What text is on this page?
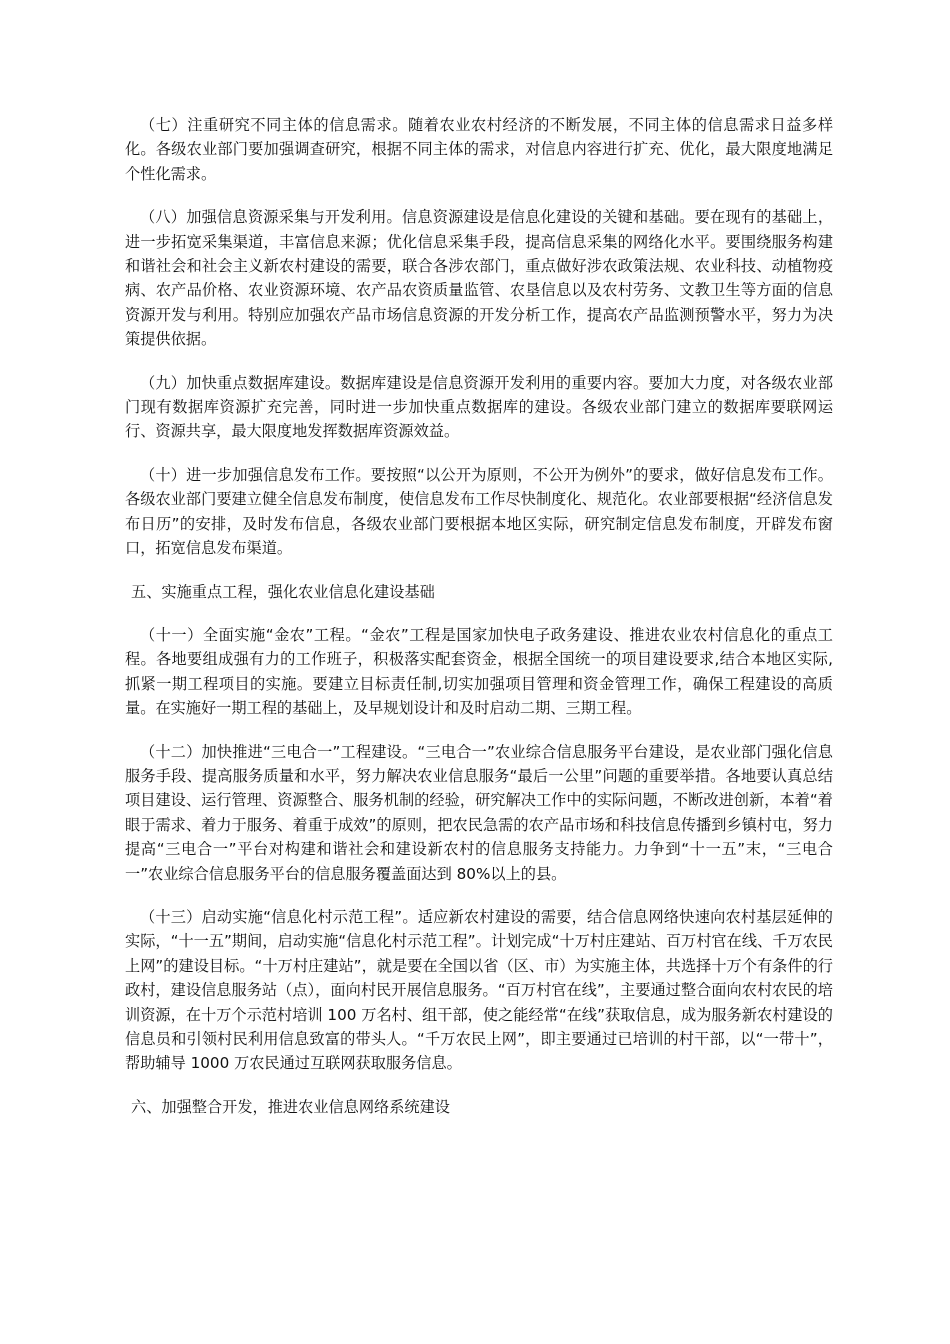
（七）注重研究不同主体的信息需求。随着农业农村经济的不断发展，不同主体的信息需求日益多样化。各级农业部门要加强调查研究，根据不同主体的需求，对信息内容进行扩充、优化，最大限度地满足个性化需求。

（八）加强信息资源采集与开发利用。信息资源建设是信息化建设的关键和基础。要在现有的基础上，进一步拓宽采集渠道，丰富信息来源；优化信息采集手段，提高信息采集的网络化水平。要围绕服务构建和谐社会和社会主义新农村建设的需要，联合各涉农部门，重点做好涉农政策法规、农业科技、动植物疫病、农产品价格、农业资源环境、农产品农资质量监管、农垦信息以及农村劳务、文教卫生等方面的信息资源开发与利用。特别应加强农产品市场信息资源的开发分析工作，提高农产品监测预警水平，努力为决策提供依据。

（九）加快重点数据库建设。数据库建设是信息资源开发利用的重要内容。要加大力度，对各级农业部门现有数据库资源扩充完善，同时进一步加快重点数据库的建设。各级农业部门建立的数据库要联网运行、资源共享，最大限度地发挥数据库资源效益。

（十）进一步加强信息发布工作。要按照“以公开为原则，不公开为例外”的要求，做好信息发布工作。各级农业部门要建立健全信息发布制度，使信息发布工作尽快制度化、规范化。农业部要根据“经济信息发布日历”的安排，及时发布信息，各级农业部门要根据本地区实际，研究制定信息发布制度，开辟发布窗口，拓宽信息发布渠道。

五、实施重点工程，强化农业信息化建设基础

（十一）全面实施“金农”工程。“金农”工程是国家加快电子政务建设、推进农业农村信息化的重点工程。各地要组成强有力的工作班子，积极落实配套资金，根据全国统一的项目建设要求,结合本地区实际,抓紧一期工程项目的实施。要建立目标责任制,切实加强项目管理和资金管理工作，确保工程建设的高质量。在实施好一期工程的基础上，及早规划设计和及时启动二期、三期工程。

（十二）加快推进“三电合一”工程建设。“三电合一”农业综合信息服务平台建设，是农业部门强化信息服务手段、提高服务质量和水平，努力解决农业信息服务“最后一公里”问题的重要举措。各地要认真总结项目建设、运行管理、资源整合、服务机制的经验，研究解决工作中的实际问题，不断改进创新，本着“着眼于需求、着力于服务、着重于成效”的原则，把农民急需的农产品市场和科技信息传播到乡镇村屯，努力提高“三电合一”平台对构建和谐社会和建设新农村的信息服务支持能力。力争到“十一五”末，“三电合一”农业综合信息服务平台的信息服务覆盖面达到 80%以上的县。

（十三）启动实施“信息化村示范工程”。适应新农村建设的需要，结合信息网络快速向农村基层延伸的实际，“十一五”期间，启动实施“信息化村示范工程”。计划完成“十万村庄建站、百万村官在线、千万农民上网”的建设目标。“十万村庄建站”，就是要在全国以省（区、市）为实施主体，共选择十万个有条件的行政村，建设信息服务站（点），面向村民开展信息服务。“百万村官在线”，主要通过整合面向农村农民的培训资源，在十万个示范村培训 100 万名村、组干部，使之能经常“在线”获取信息，成为服务新农村建设的信息员和引领村民利用信息致富的带头人。“千万农民上网”，即主要通过已培训的村干部，以“一带十”，帮助辅导 1000 万农民通过互联网获取服务信息。

六、加强整合开发，推进农业信息网络系统建设
